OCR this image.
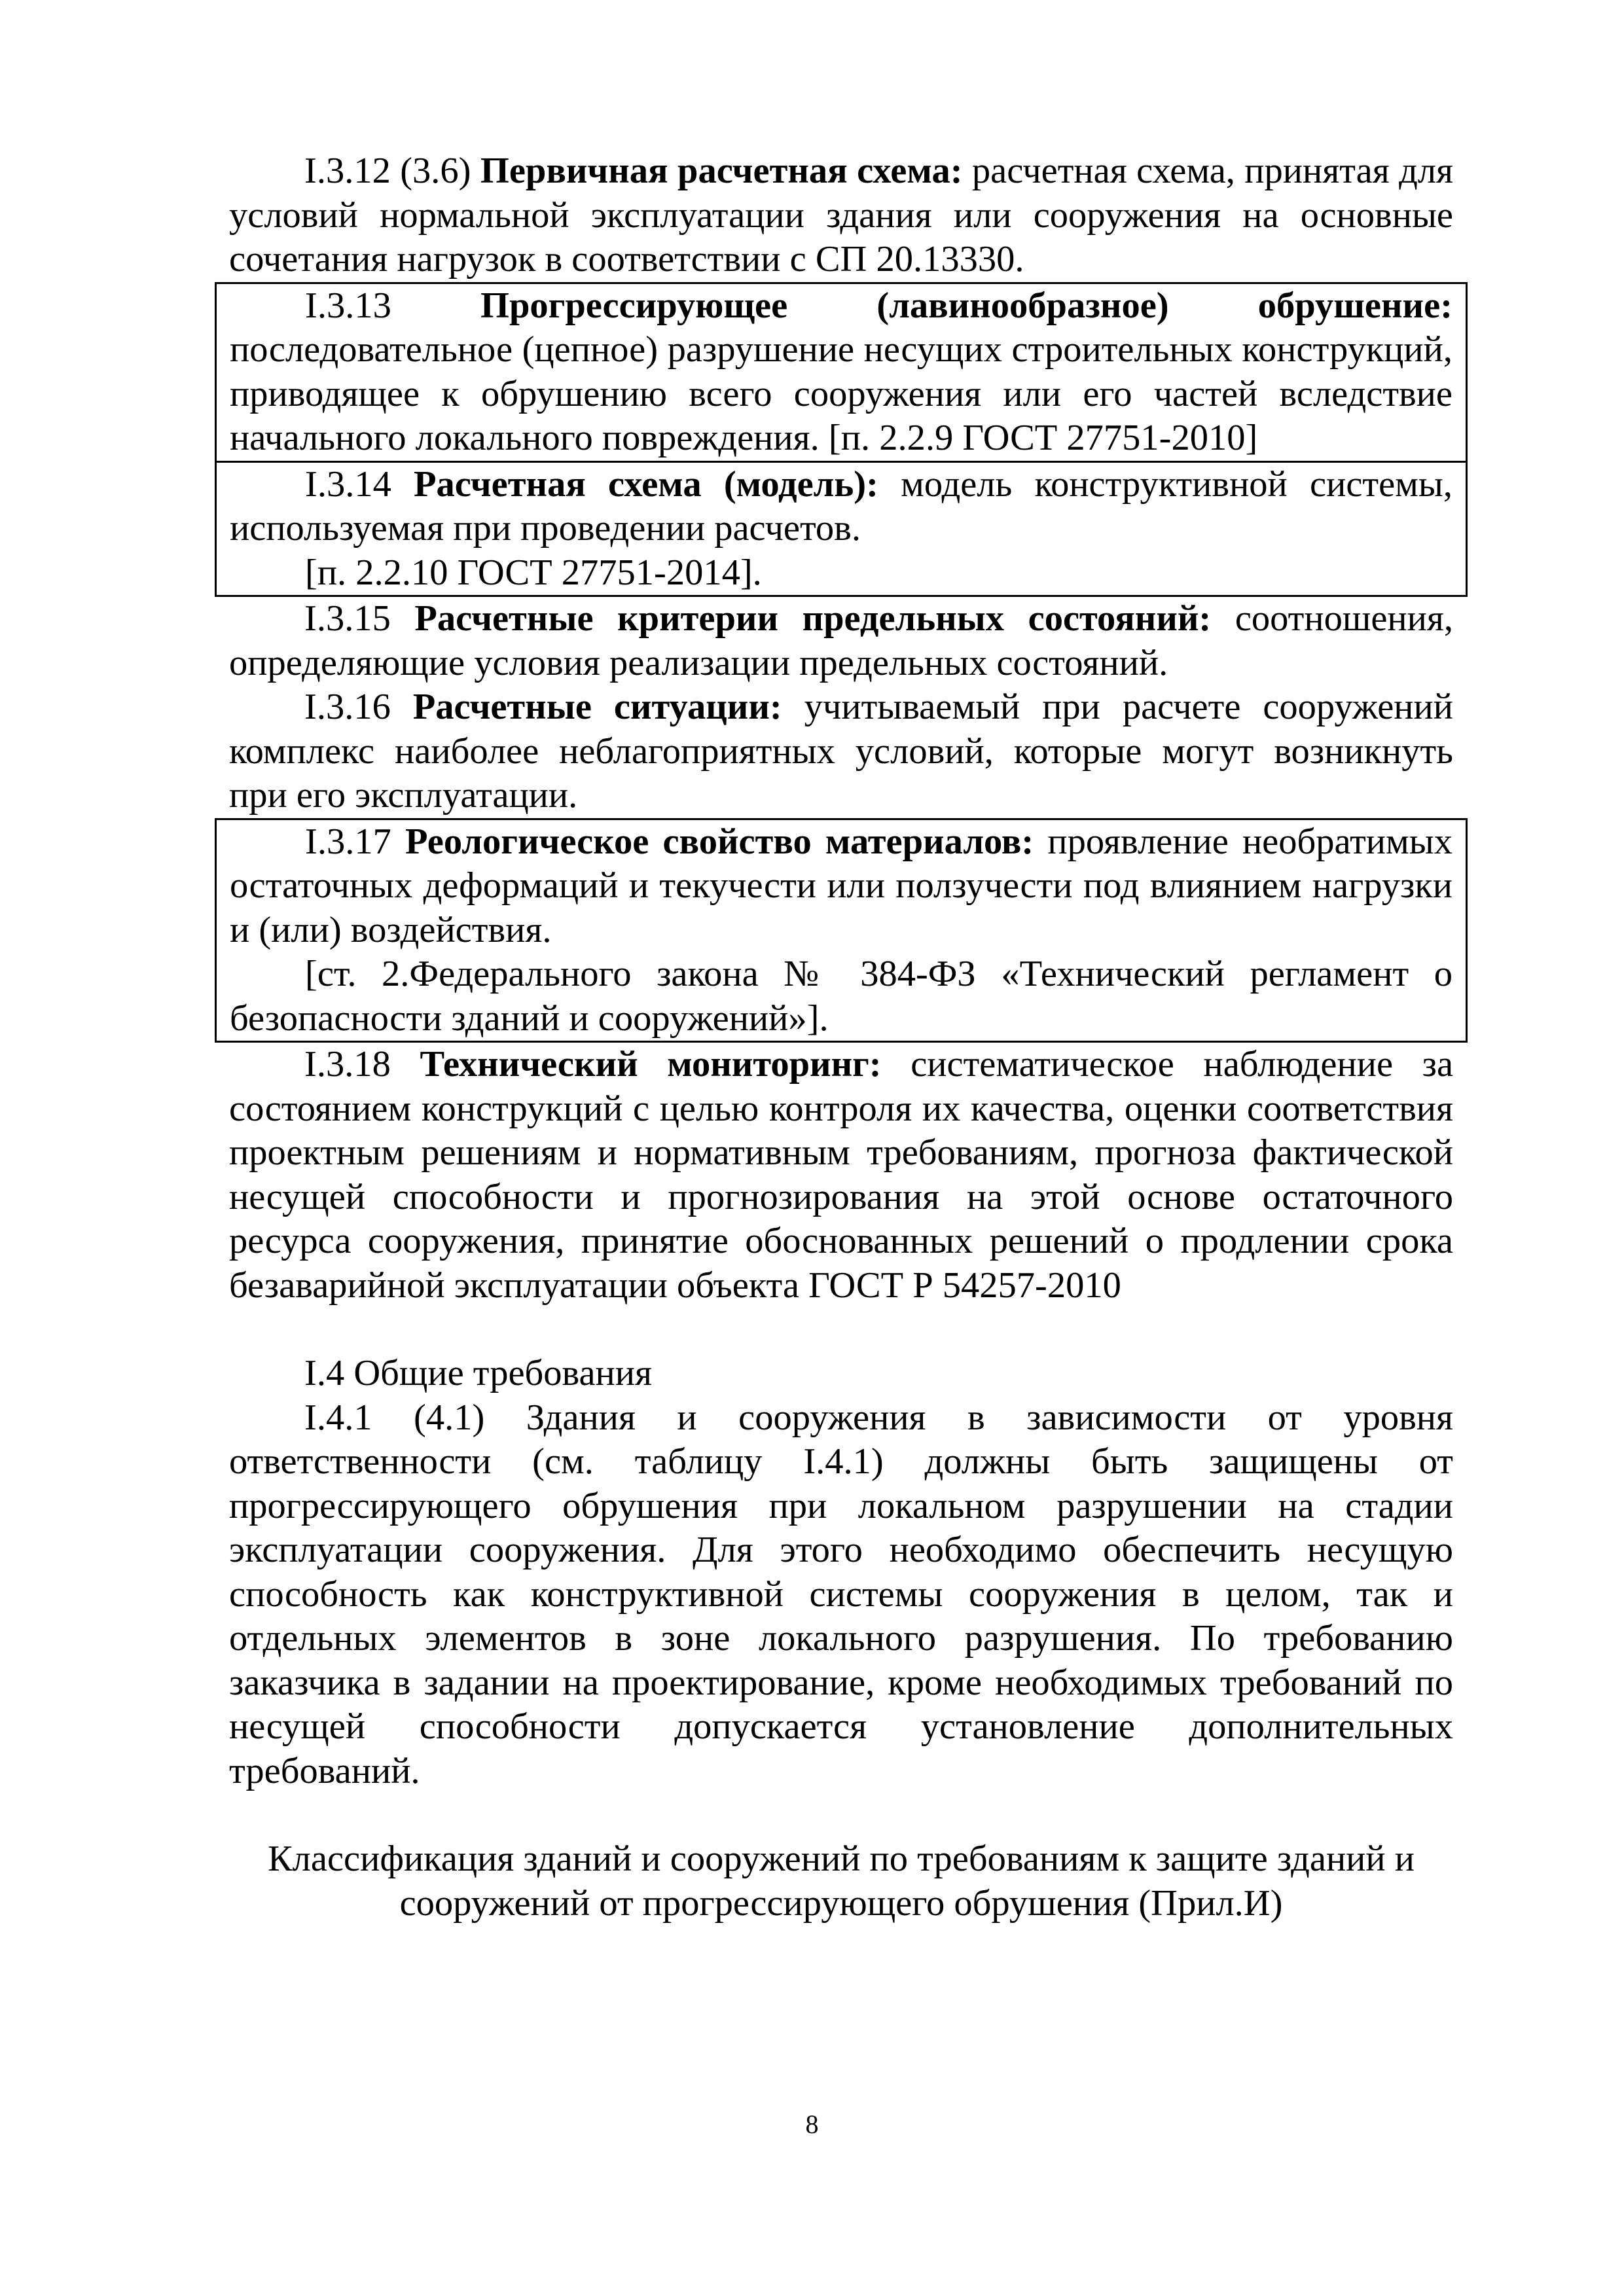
I.3.12 (3.6) Первичная расчетная схема: расчетная схема, принятая для условий нормальной эксплуатации здания или сооружения на основные сочетания нагрузок в соответствии с СП 20.13330.

I.3.13 Прогрессирующее (лавинообразное) обрушение: последовательное (цепное) разрушение несущих строительных конструкций, приводящее к обрушению всего сооружения или его частей вследствие начального локального повреждения. [п. 2.2.9 ГОСТ 27751-2010]

I.3.14 Расчетная схема (модель): модель конструктивной системы, используемая при проведении расчетов.

[п. 2.2.10 ГОСТ 27751-2014].

I.3.15 Расчетные критерии предельных состояний: соотношения, определяющие условия реализации предельных состояний.

I.3.16 Расчетные ситуации: учитываемый при расчете сооружений комплекс наиболее неблагоприятных условий, которые могут возникнуть при его эксплуатации.

I.3.17 Реологическое свойство материалов: проявление необратимых остаточных деформаций и текучести или ползучести под влиянием нагрузки и (или) воздействия.

[ст. 2.Федерального закона № 384-ФЗ «Технический регламент о безопасности зданий и сооружений»].

I.3.18 Технический мониторинг: систематическое наблюдение за состоянием конструкций с целью контроля их качества, оценки соответствия проектным решениям и нормативным требованиям, прогноза фактической несущей способности и прогнозирования на этой основе остаточного ресурса сооружения, принятие обоснованных решений о продлении срока безаварийной эксплуатации объекта ГОСТ Р 54257-2010

I.4 Общие требования

I.4.1 (4.1) Здания и сооружения в зависимости от уровня ответственности (см. таблицу I.4.1) должны быть защищены от прогрессирующего обрушения при локальном разрушении на стадии эксплуатации сооружения. Для этого необходимо обеспечить несущую способность как конструктивной системы сооружения в целом, так и отдельных элементов в зоне локального разрушения. По требованию заказчика в задании на проектирование, кроме необходимых требований по несущей способности допускается установление дополнительных требований.

Классификация зданий и сооружений по требованиям к защите зданий и

сооружений от прогрессирующего обрушения (Прил.И)

8
